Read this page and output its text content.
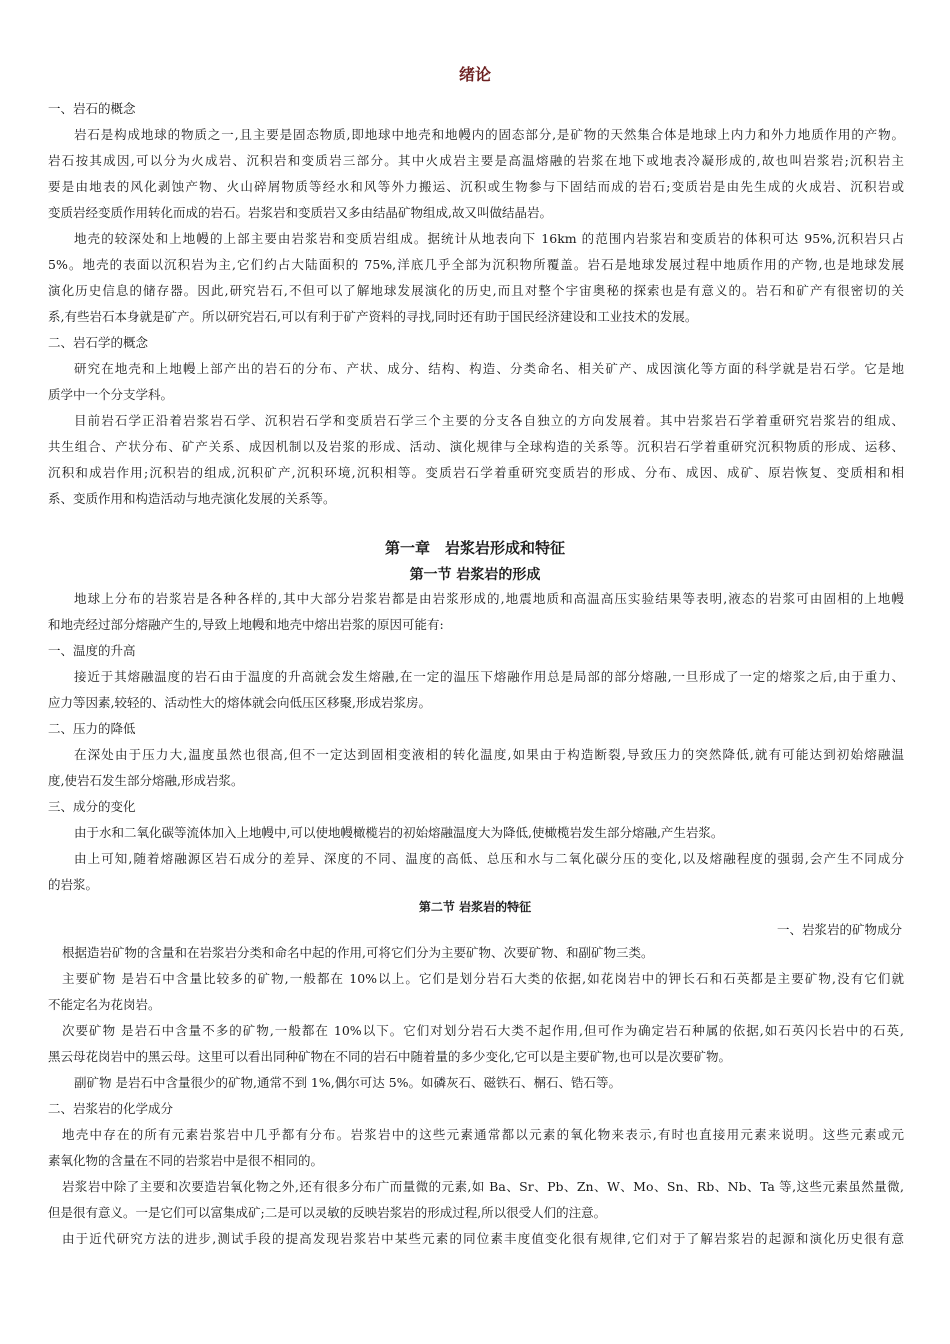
绪论
一、岩石的概念
岩石是构成地球的物质之一,且主要是固态物质,即地球中地壳和地幔内的固态部分,是矿物的天然集合体是地球上内力和外力地质作用的产物。
岩石按其成因,可以分为火成岩、沉积岩和变质岩三部分。其中火成岩主要是高温熔融的岩浆在地下或地表冷凝形成的,故也叫岩浆岩;沉积岩主
要是由地表的风化剥蚀产物、火山碎屑物质等经水和风等外力搬运、沉积或生物参与下固结而成的岩石;变质岩是由先生成的火成岩、沉积岩或
变质岩经变质作用转化而成的岩石。岩浆岩和变质岩又多由结晶矿物组成,故又叫做结晶岩。
地壳的较深处和上地幔的上部主要由岩浆岩和变质岩组成。据统计从地表向下 16km 的范围内岩浆岩和变质岩的体积可达 95%,沉积岩只占
5%。地壳的表面以沉积岩为主,它们约占大陆面积的 75%,洋底几乎全部为沉积物所覆盖。岩石是地球发展过程中地质作用的产物,也是地球发展
演化历史信息的储存器。因此,研究岩石,不但可以了解地球发展演化的历史,而且对整个宇宙奥秘的探索也是有意义的。岩石和矿产有很密切的关
系,有些岩石本身就是矿产。所以研究岩石,可以有利于矿产资料的寻找,同时还有助于国民经济建设和工业技术的发展。
二、岩石学的概念
研究在地壳和上地幔上部产出的岩石的分布、产状、成分、结构、构造、分类命名、相关矿产、成因演化等方面的科学就是岩石学。它是地
质学中一个分支学科。
目前岩石学正沿着岩浆岩石学、沉积岩石学和变质岩石学三个主要的分支各自独立的方向发展着。其中岩浆岩石学着重研究岩浆岩的组成、
共生组合、产状分布、矿产关系、成因机制以及岩浆的形成、活动、演化规律与全球构造的关系等。沉积岩石学着重研究沉积物质的形成、运移、
沉积和成岩作用;沉积岩的组成,沉积矿产,沉积环境,沉积相等。变质岩石学着重研究变质岩的形成、分布、成因、成矿、原岩恢复、变质相和相
系、变质作用和构造活动与地壳演化发展的关系等。
第一章　岩浆岩形成和特征
第一节 岩浆岩的形成
地球上分布的岩浆岩是各种各样的,其中大部分岩浆岩都是由岩浆形成的,地震地质和高温高压实验结果等表明,液态的岩浆可由固相的上地幔
和地壳经过部分熔融产生的,导致上地幔和地壳中熔出岩浆的原因可能有:
一、温度的升高
接近于其熔融温度的岩石由于温度的升高就会发生熔融,在一定的温压下熔融作用总是局部的部分熔融,一旦形成了一定的熔浆之后,由于重力、
应力等因素,较轻的、活动性大的熔体就会向低压区移聚,形成岩浆房。
二、压力的降低
在深处由于压力大,温度虽然也很高,但不一定达到固相变液相的转化温度,如果由于构造断裂,导致压力的突然降低,就有可能达到初始熔融温
度,使岩石发生部分熔融,形成岩浆。
三、成分的变化
由于水和二氧化碳等流体加入上地幔中,可以使地幔橄榄岩的初始熔融温度大为降低,使橄榄岩发生部分熔融,产生岩浆。
由上可知,随着熔融源区岩石成分的差异、深度的不同、温度的高低、总压和水与二氧化碳分压的变化,以及熔融程度的强弱,会产生不同成分
的岩浆。
第二节 岩浆岩的特征
一、岩浆岩的矿物成分
根据造岩矿物的含量和在岩浆岩分类和命名中起的作用,可将它们分为主要矿物、次要矿物、和副矿物三类。
主要矿物 是岩石中含量比较多的矿物,一般都在 10%以上。它们是划分岩石大类的依据,如花岗岩中的钾长石和石英都是主要矿物,没有它们就
不能定名为花岗岩。
次要矿物 是岩石中含量不多的矿物,一般都在 10%以下。它们对划分岩石大类不起作用,但可作为确定岩石种属的依据,如石英闪长岩中的石英,
黑云母花岗岩中的黑云母。这里可以看出同种矿物在不同的岩石中随着量的多少变化,它可以是主要矿物,也可以是次要矿物。
副矿物 是岩石中含量很少的矿物,通常不到 1%,偶尔可达 5%。如磷灰石、磁铁石、榍石、锆石等。
二、岩浆岩的化学成分
地壳中存在的所有元素岩浆岩中几乎都有分布。岩浆岩中的这些元素通常都以元素的氧化物来表示,有时也直接用元素来说明。这些元素或元
素氧化物的含量在不同的岩浆岩中是很不相同的。
岩浆岩中除了主要和次要造岩氧化物之外,还有很多分布广而量微的元素,如 Ba、Sr、Pb、Zn、W、Mo、Sn、Rb、Nb、Ta 等,这些元素虽然量微,
但是很有意义。一是它们可以富集成矿;二是可以灵敏的反映岩浆岩的形成过程,所以很受人们的注意。
由于近代研究方法的进步,测试手段的提高发现岩浆岩中某些元素的同位素丰度值变化很有规律,它们对于了解岩浆岩的起源和演化历史很有意
